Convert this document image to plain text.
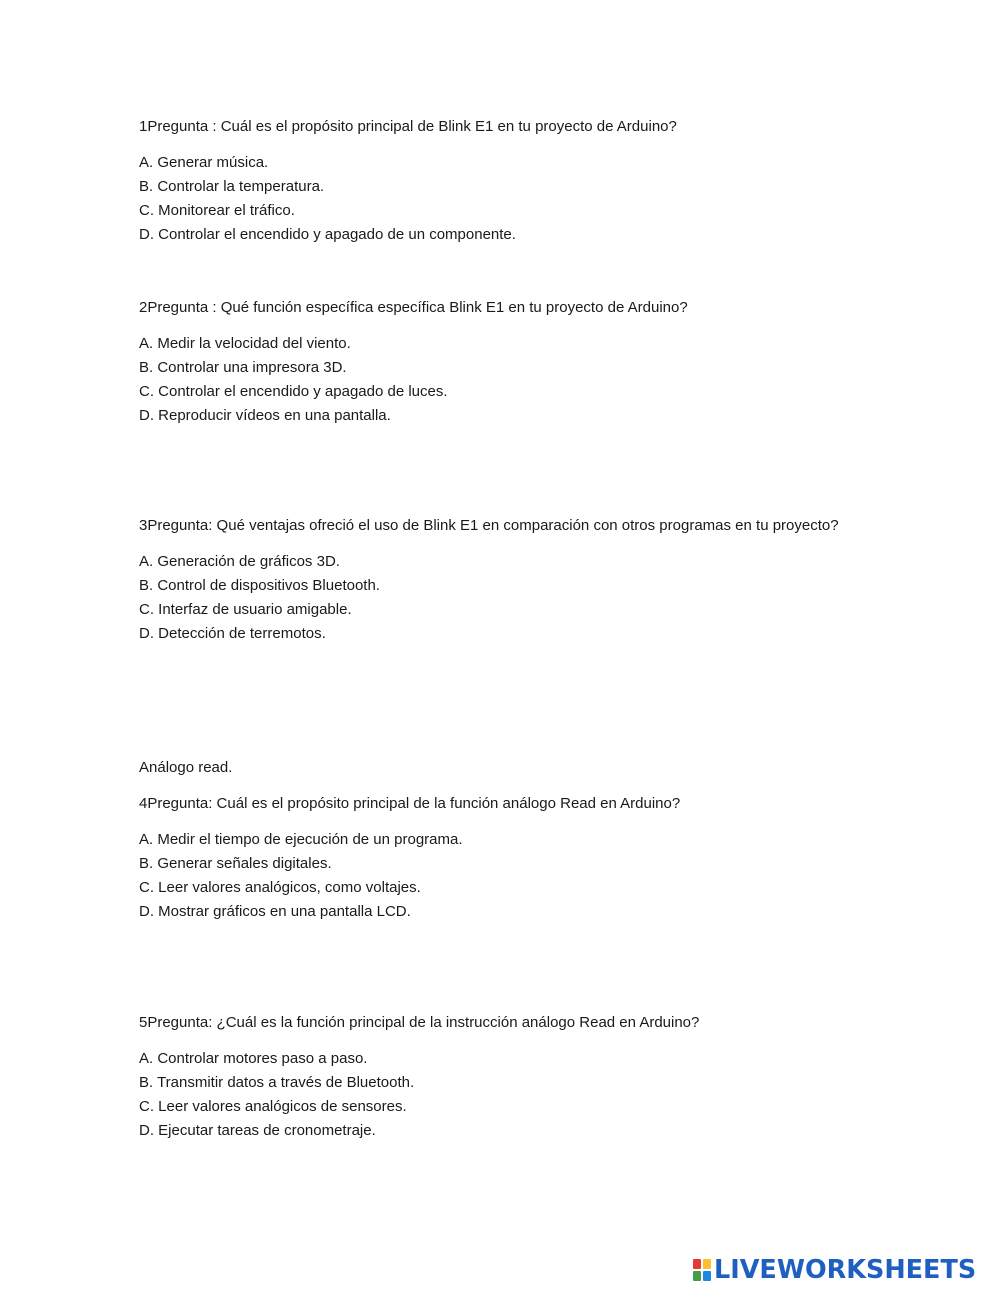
1Pregunta : Cuál es el propósito principal de Blink E1 en tu proyecto de Arduino?
A. Generar música.
B. Controlar la temperatura.
C. Monitorear el tráfico.
D. Controlar el encendido y apagado de un componente.
2Pregunta : Qué función específica específica Blink E1 en tu proyecto de Arduino?
A. Medir la velocidad del viento.
B. Controlar una impresora 3D.
C. Controlar el encendido y apagado de luces.
D. Reproducir vídeos en una pantalla.
3Pregunta: Qué ventajas ofreció el uso de Blink E1 en comparación con otros programas en tu proyecto?
A. Generación de gráficos 3D.
B. Control de dispositivos Bluetooth.
C. Interfaz de usuario amigable.
D. Detección de terremotos.
Análogo read.
4Pregunta: Cuál es el propósito principal de la función análogo Read en Arduino?
A. Medir el tiempo de ejecución de un programa.
B. Generar señales digitales.
C. Leer valores analógicos, como voltajes.
D. Mostrar gráficos en una pantalla LCD.
5Pregunta: ¿Cuál es la función principal de la instrucción análogo Read en Arduino?
A. Controlar motores paso a paso.
B. Transmitir datos a través de Bluetooth.
C. Leer valores analógicos de sensores.
D. Ejecutar tareas de cronometraje.
LIVEWORKSHEETS
